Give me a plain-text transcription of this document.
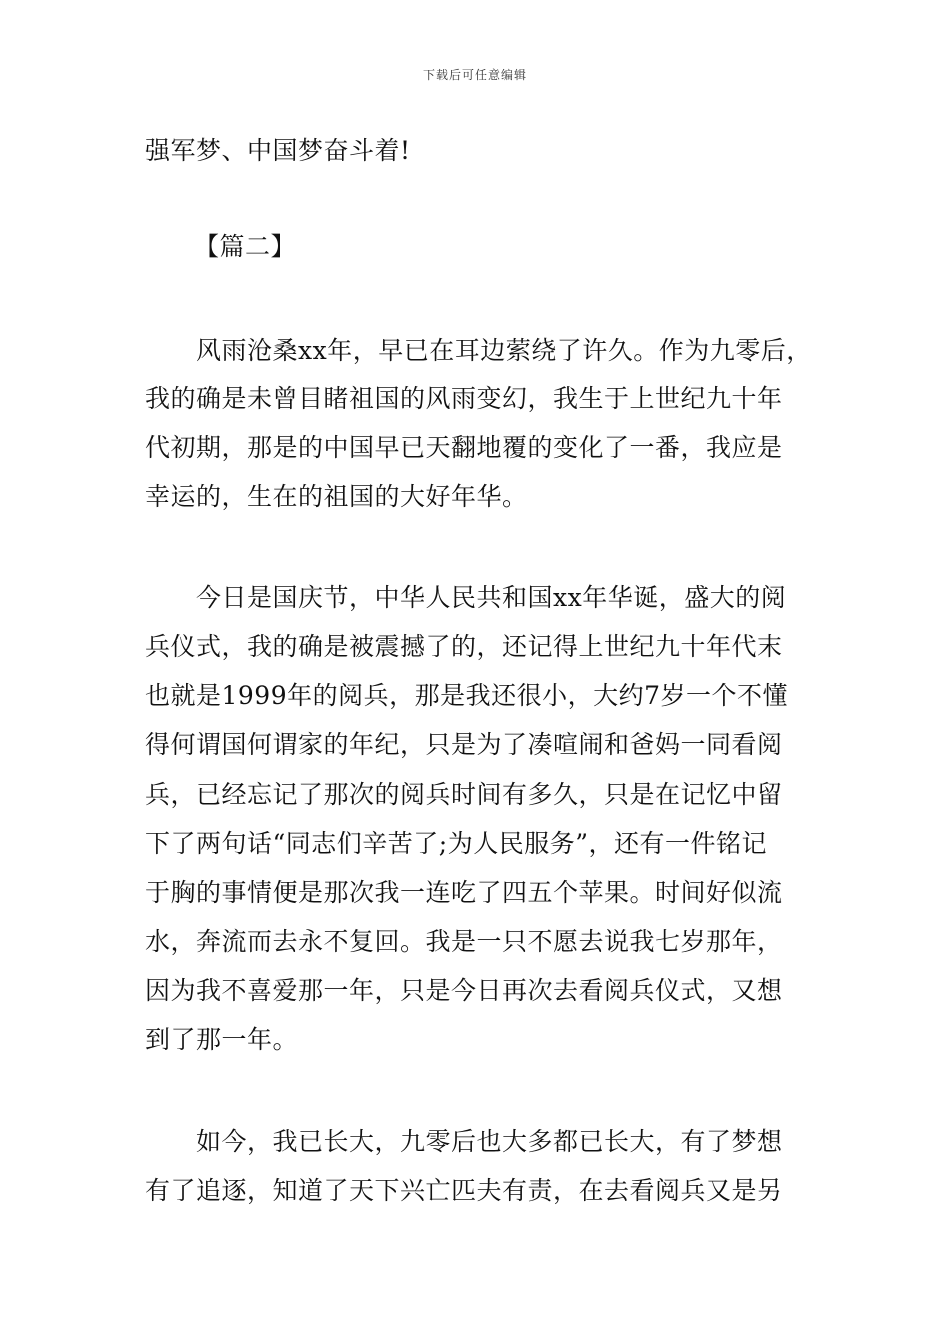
下载后可任意编辑
强军梦、中国梦奋斗着!
【篇二】
风雨沧桑xx年，早已在耳边萦绕了许久。作为九零后，
我的确是未曾目睹祖国的风雨变幻，我生于上世纪九十年
代初期，那是的中国早已天翻地覆的变化了一番，我应是
幸运的，生在的祖国的大好年华。
今日是国庆节，中华人民共和国xx年华诞，盛大的阅
兵仪式，我的确是被震撼了的，还记得上世纪九十年代末
也就是1999年的阅兵，那是我还很小，大约7岁一个不懂
得何谓国何谓家的年纪，只是为了凑喧闹和爸妈一同看阅
兵，已经忘记了那次的阅兵时间有多久，只是在记忆中留
下了两句话“同志们辛苦了;为人民服务”，还有一件铭记
于胸的事情便是那次我一连吃了四五个苹果。时间好似流
水，奔流而去永不复回。我是一只不愿去说我七岁那年，
因为我不喜爱那一年，只是今日再次去看阅兵仪式，又想
到了那一年。
如今，我已长大，九零后也大多都已长大，有了梦想
有了追逐，知道了天下兴亡匹夫有责，在去看阅兵又是另
